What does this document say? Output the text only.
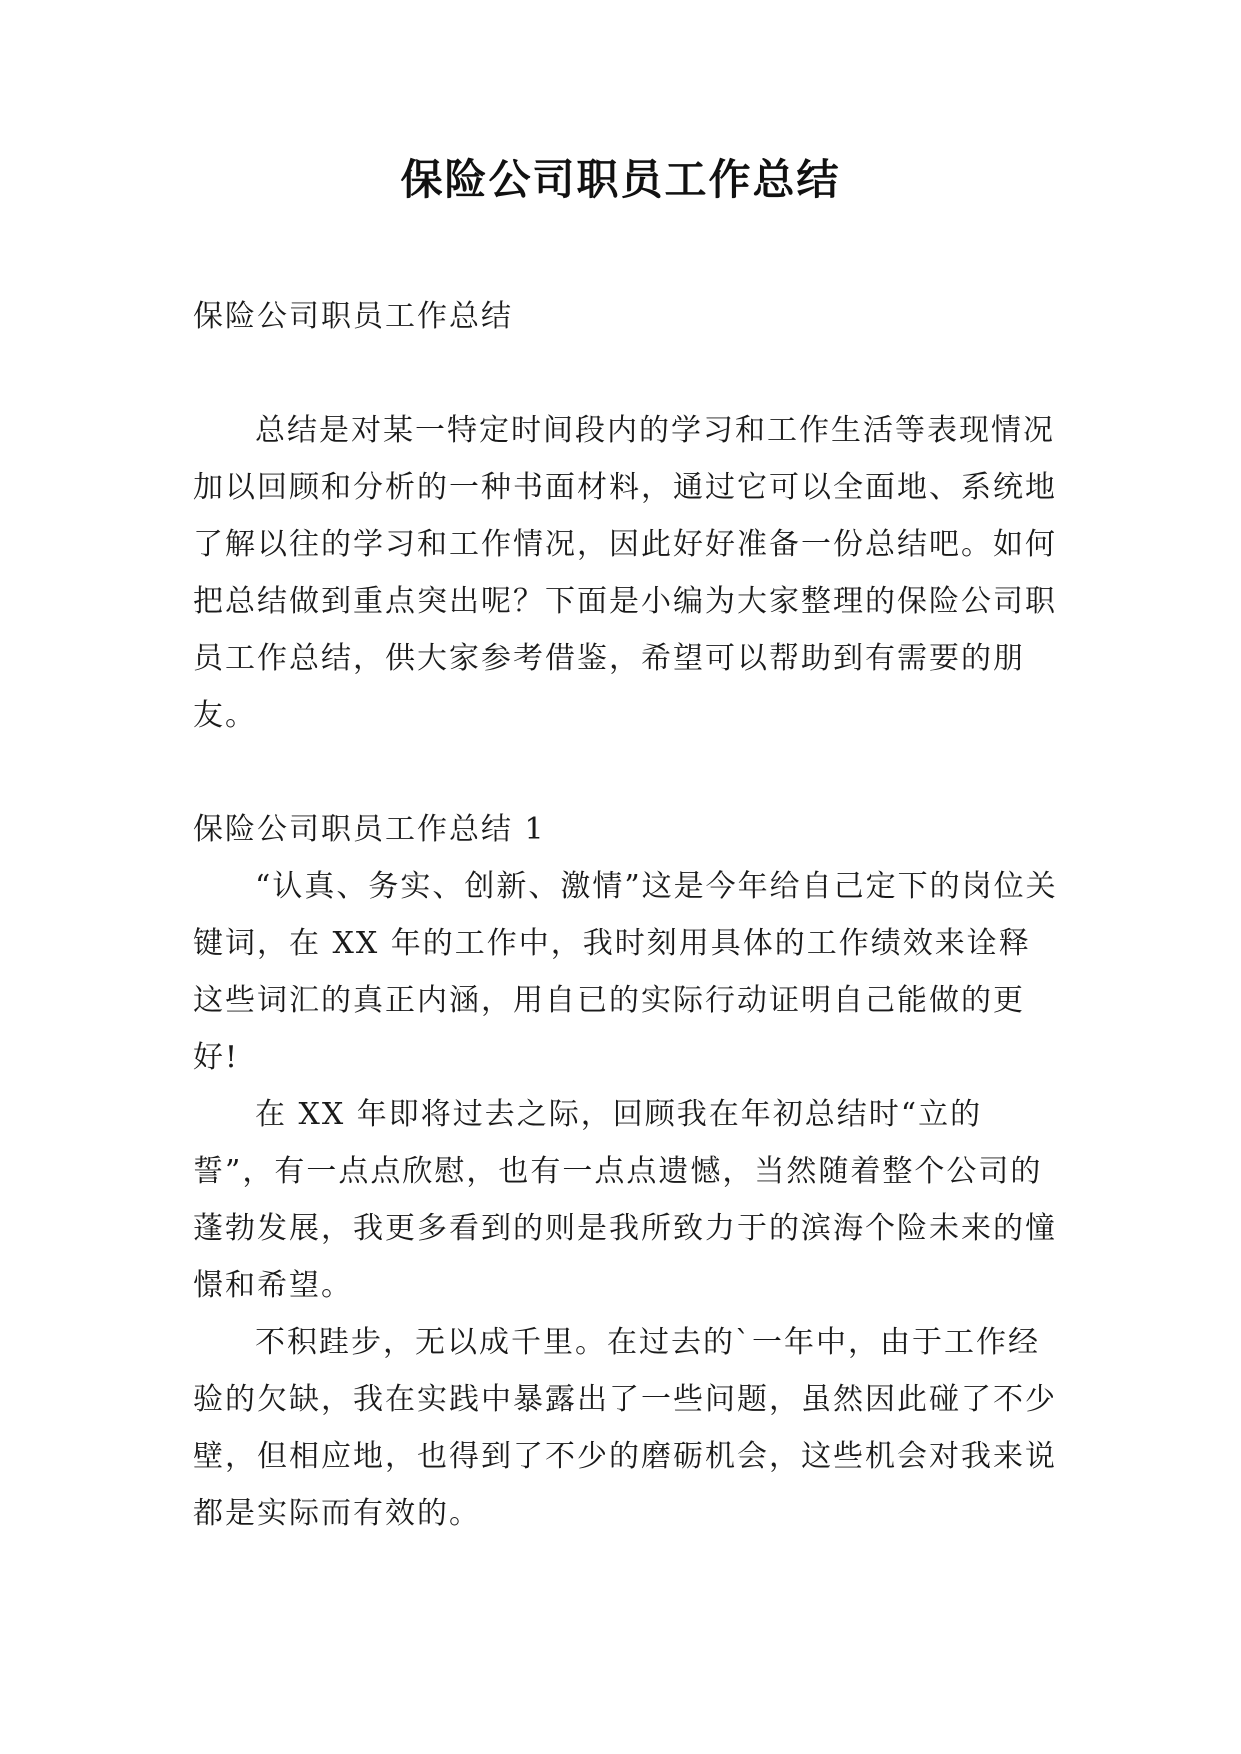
保险公司职员工作总结

保险公司职员工作总结

总结是对某一特定时间段内的学习和工作生活等表现情况加以回顾和分析的一种书面材料，通过它可以全面地、系统地了解以往的学习和工作情况，因此好好准备一份总结吧。如何把总结做到重点突出呢？下面是小编为大家整理的保险公司职员工作总结，供大家参考借鉴，希望可以帮助到有需要的朋友。

保险公司职员工作总结 1

“认真、务实、创新、激情”这是今年给自己定下的岗位关键词，在 XX 年的工作中，我时刻用具体的工作绩效来诠释这些词汇的真正内涵，用自已的实际行动证明自己能做的更好!

在 XX 年即将过去之际，回顾我在年初总结时“立的誓”，有一点点欣慰，也有一点点遗憾，当然随着整个公司的蓬勃发展，我更多看到的则是我所致力于的滨海个险未来的憧憬和希望。

不积跬步，无以成千里。在过去的`一年中，由于工作经验的欠缺，我在实践中暴露出了一些问题，虽然因此碰了不少壁，但相应地，也得到了不少的磨砺机会，这些机会对我来说都是实际而有效的。
